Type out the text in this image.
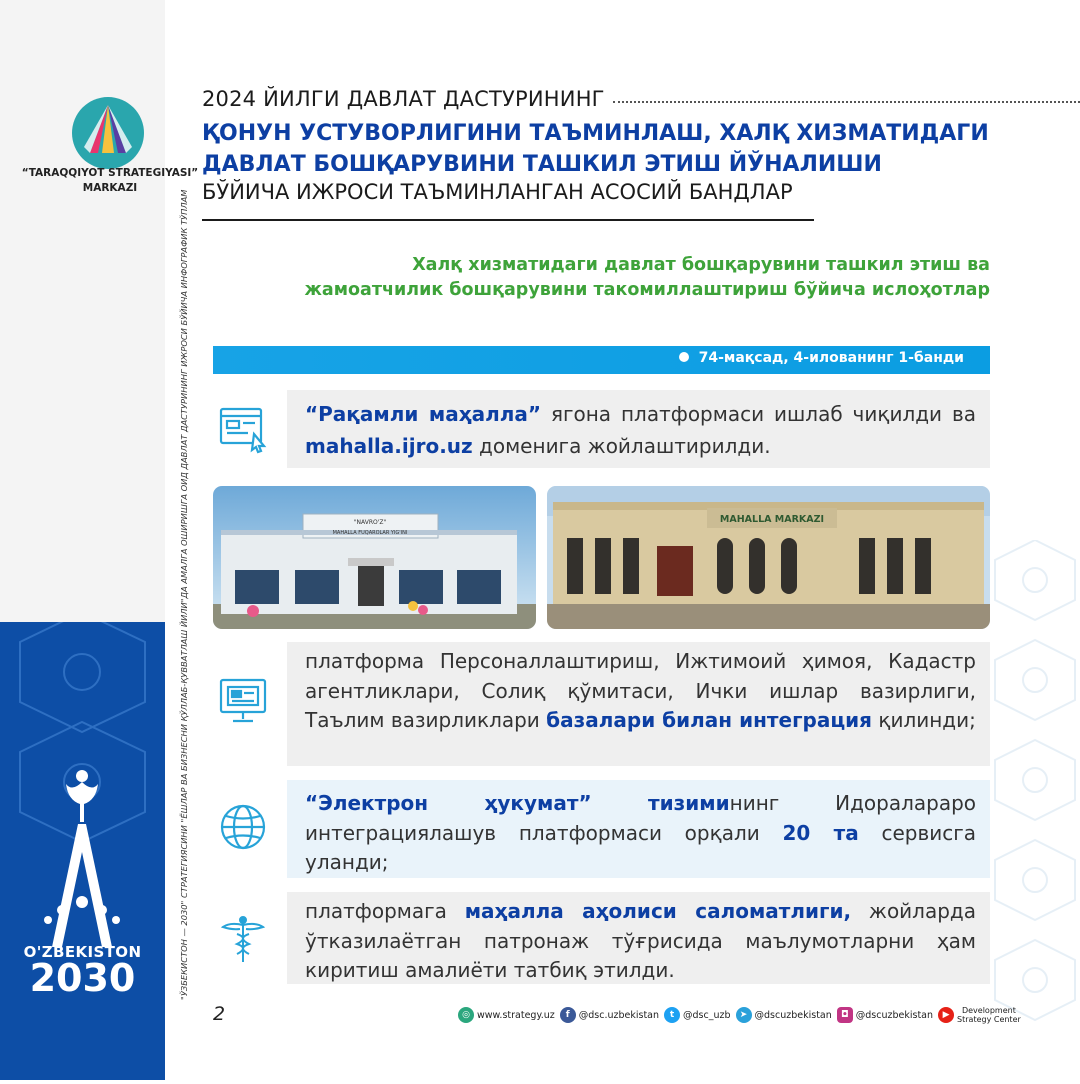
"ЎЗБЕКИСТОН — 2030" СТРАТЕГИЯСИНИ "ЁШЛАР ВА БИЗНЕСНИ ҚЎЛЛАБ-ҚУВВАТЛАШ ЙИЛИ"ДА АМАЛГА ОШИРИШГА ОИД ДАВЛАТ ДАСТУРИНИНГ ИЖРОСИ БЎЙИЧА ИНФОГРАФИК ТЎПЛАМ
“TARAQQIYOT STRATEGIYASI”
MARKAZI
2024 ЙИЛГИ ДАВЛАТ ДАСТУРИНИНГ
ҚОНУН УСТУВОРЛИГИНИ ТАЪМИНЛАШ, ХАЛҚ ХИЗМАТИДАГИ
ДАВЛАТ БОШҚАРУВИНИ ТАШКИЛ ЭТИШ ЙЎНАЛИШИ
БЎЙИЧА ИЖРОСИ ТАЪМИНЛАНГАН АСОСИЙ БАНДЛАР
Халқ хизматидаги давлат бошқарувини ташкил этиш ва
жамоатчилик бошқарувини такомиллаштириш бўйича ислоҳотлар
74-мақсад, 4-иловaнинг 1-банди
“Рақамли маҳалла” ягона платформаси ишлаб чиқилди ва mahalla.ijro.uz доменига жойлаштирилди.
"NAVRO'Z"
MAHALLA FUQAROLAR YIG'INI
MAHALLA MARKAZI
платформа Персоналлаштириш, Ижтимоий ҳимоя, Кадастр агентликлари, Солиқ қўмитаси, Ички ишлар вазирлиги, Таълим вазирликлари базалари билан интеграция қилинди;
“Электрон ҳукумат” тизимининг Идоралараро интеграциялашув платформаси орқали 20 та сервисга уланди;
платформага маҳалла аҳолиси саломатлиги, жойларда ўтказилаётган патронаж тўғрисида маълумотларни ҳам киритиш амалиёти татбиқ этилди.
O'ZBEKISTON
2030
2	◎ www.strategy.uz	f @dsc.uzbekistan	t @dsc_uzb	➤ @dscuzbekistan	◘ @dscuzbekistan	▶	Development
Strategy Center
